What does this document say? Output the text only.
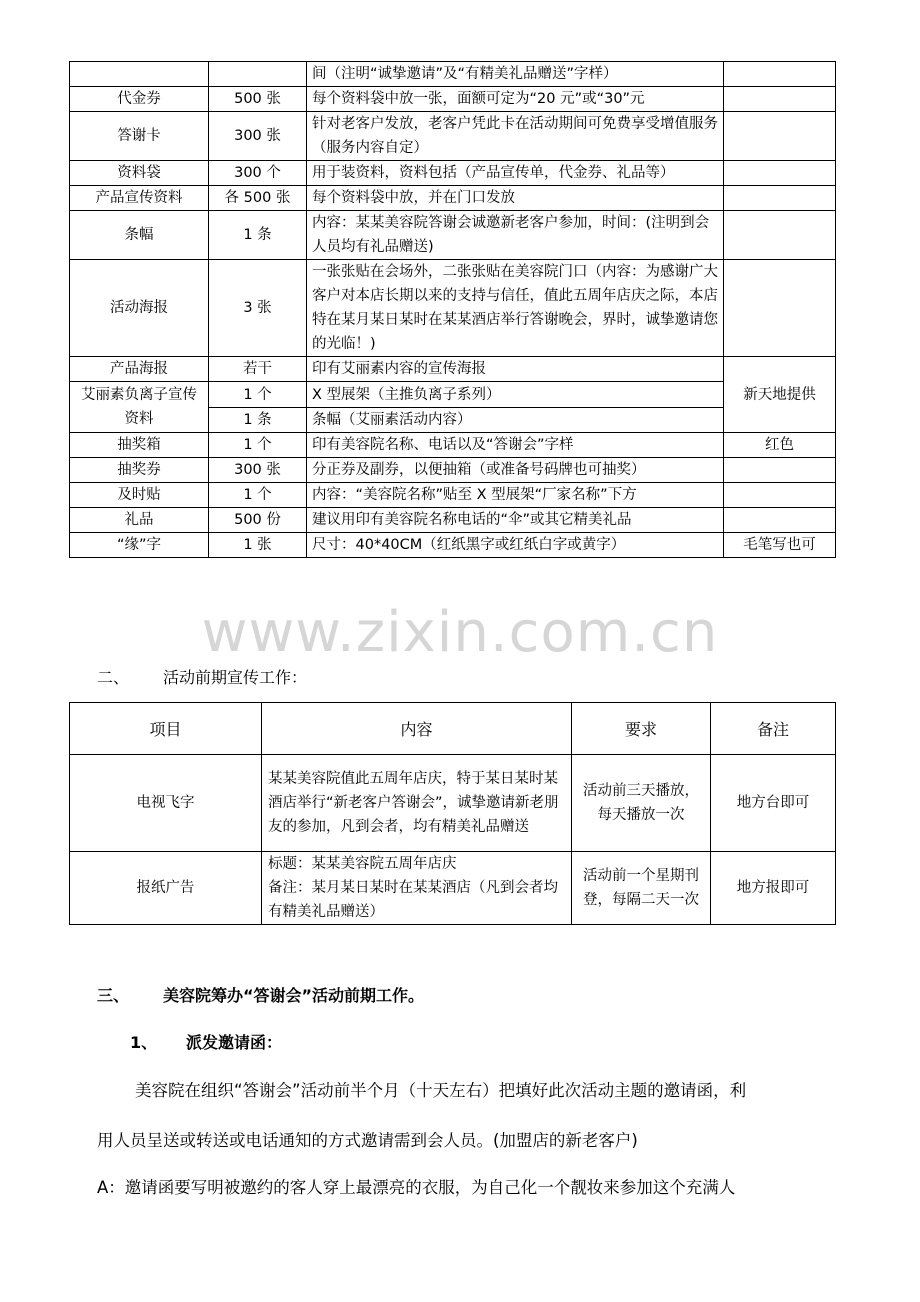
		间（注明“诚挚邀请”及“有精美礼品赠送”字样）	
代金券	500 张	每个资料袋中放一张，面额可定为“20 元”或“30”元	
答谢卡	300 张	针对老客户发放，老客户凭此卡在活动期间可免费享受增值服务（服务内容自定）	
资料袋	300 个	用于装资料，资料包括（产品宣传单，代金券、礼品等）	
产品宣传资料	各 500 张	每个资料袋中放，并在门口发放	
条幅	1 条	内容：某某美容院答谢会诚邀新老客户参加，时间：(注明到会人员均有礼品赠送)	
活动海报	3 张	一张张贴在会场外，二张张贴在美容院门口（内容：为感谢广大客户对本店长期以来的支持与信任，值此五周年店庆之际，本店特在某月某日某时在某某酒店举行答谢晚会，界时，诚挚邀请您的光临！)	
产品海报	若干	印有艾丽素内容的宣传海报	新天地提供
艾丽素负离子宣传资料	1 个	X 型展架（主推负离子系列）	
	1 条	条幅（艾丽素活动内容）	
抽奖箱	1 个	印有美容院名称、电话以及“答谢会”字样	红色
抽奖券	300 张	分正券及副券，以便抽箱（或准备号码牌也可抽奖）	
及时贴	1 个	内容：“美容院名称”贴至 X 型展架“厂家名称”下方	
礼品	500 份	建议用印有美容院名称电话的“伞”或其它精美礼品	
“缘”字	1 张	尺寸：40*40CM（红纸黑字或红纸白字或黄字）	毛笔写也可
www.zixin.com.cn
二、 活动前期宣传工作：
项目	内容	要求	备注
电视飞字	某某美容院值此五周年店庆，特于某日某时某酒店举行“新老客户答谢会”，诚挚邀请新老朋友的参加，凡到会者，均有精美礼品赠送	活动前三天播放，每天播放一次	地方台即可
报纸广告	标题：某某美容院五周年店庆
备注：某月某日某时在某某酒店（凡到会者均有精美礼品赠送）	活动前一个星期刊登，每隔二天一次	地方报即可
三、 美容院筹办“答谢会”活动前期工作。
1、 派发邀请函：
美容院在组织“答谢会”活动前半个月（十天左右）把填好此次活动主题的邀请函，利
用人员呈送或转送或电话通知的方式邀请需到会人员。(加盟店的新老客户)
A：邀请函要写明被邀约的客人穿上最漂亮的衣服，为自己化一个靓妆来参加这个充满人
